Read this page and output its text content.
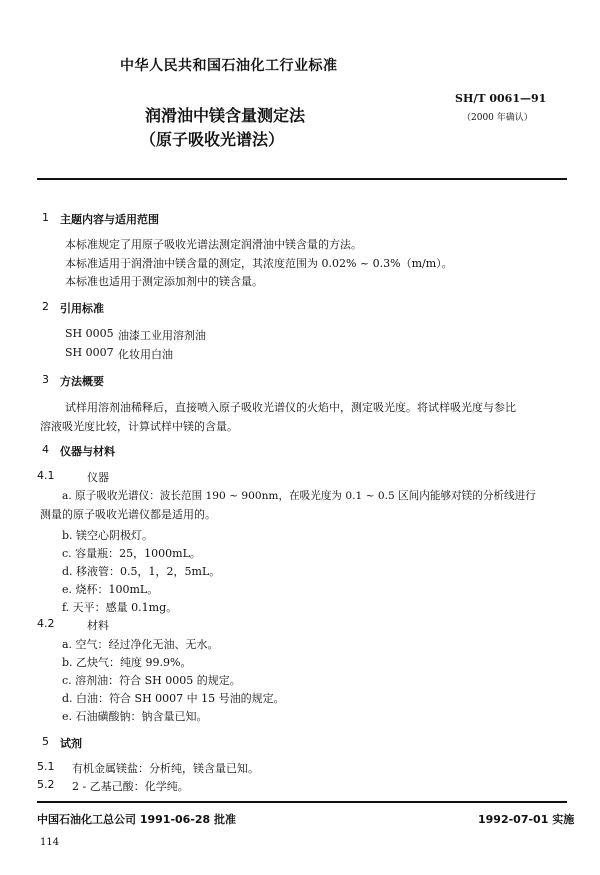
中华人民共和国石油化工行业标准
润滑油中镁含量测定法
（原子吸收光谱法）
SH/T 0061—91
（2000 年确认）
1 主题内容与适用范围
本标准规定了用原子吸收光谱法测定润滑油中镁含量的方法。
本标准适用于润滑油中镁含量的测定，其浓度范围为 0.02% ~ 0.3%（m/m）。
本标准也适用于测定添加剂中的镁含量。
2 引用标准
SH 0005 油漆工业用溶剂油
SH 0007 化妆用白油
3 方法概要
试样用溶剂油稀释后，直接喷入原子吸收光谱仪的火焰中，测定吸光度。将试样吸光度与参比
溶液吸光度比较，计算试样中镁的含量。
4 仪器与材料
4.1	仪器
a. 原子吸收光谱仪：波长范围 190 ~ 900nm，在吸光度为 0.1 ~ 0.5 区间内能够对镁的分析线进行
测量的原子吸收光谱仪都是适用的。
b. 镁空心阴极灯。
c. 容量瓶：25，1000mL。
d. 移液管：0.5，1，2，5mL。
e. 烧杯：100mL。
f. 天平：感量 0.1mg。
4.2	材料
a. 空气：经过净化无油、无水。
b. 乙炔气：纯度 99.9%。
c. 溶剂油：符合 SH 0005 的规定。
d. 白油：符合 SH 0007 中 15 号油的规定。
e. 石油磺酸钠：钠含量已知。
5 试剂
5.1 有机金属镁盐：分析纯，镁含量已知。
5.2 2 - 乙基己酸：化学纯。
中国石油化工总公司 1991-06-28 批准	1992-07-01 实施
114
